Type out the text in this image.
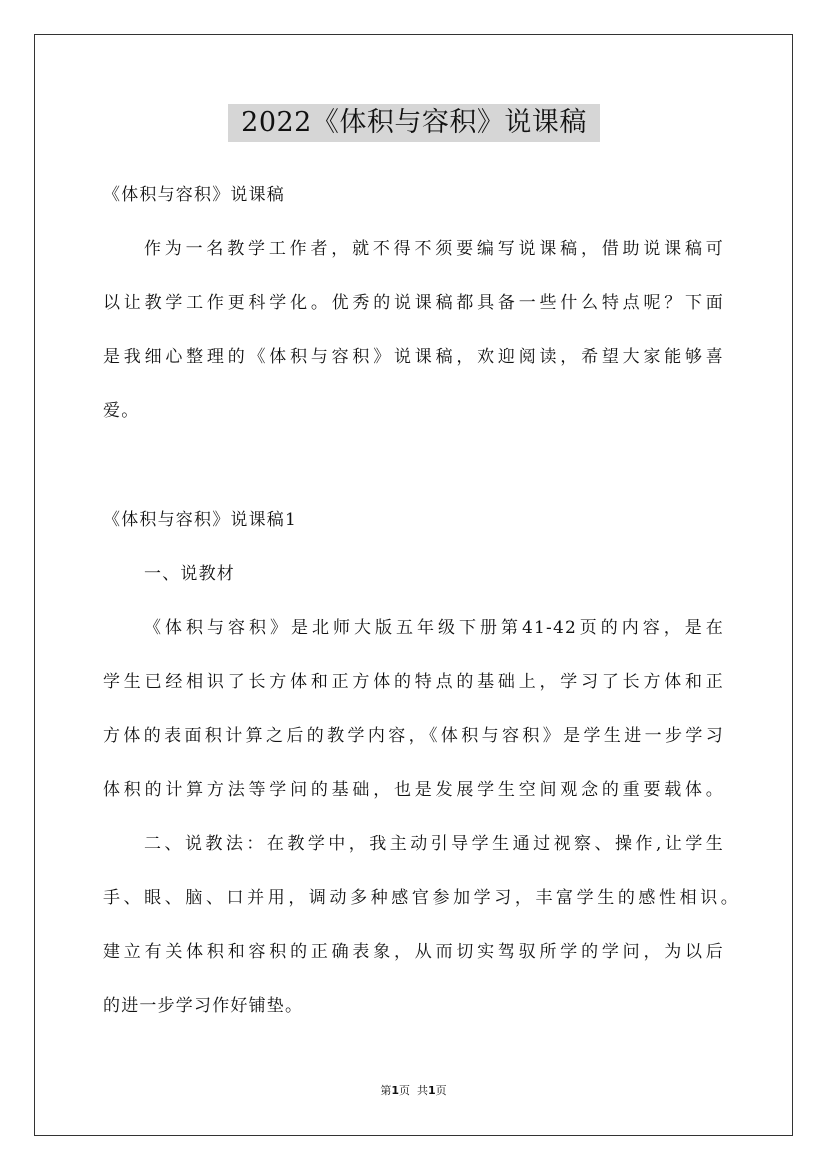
2022《体积与容积》说课稿
《体积与容积》说课稿
作为一名教学工作者，就不得不须要编写说课稿，借助说课稿可
以让教学工作更科学化。优秀的说课稿都具备一些什么特点呢？下面
是我细心整理的《体积与容积》说课稿，欢迎阅读，希望大家能够喜
爱。
《体积与容积》说课稿1
一、说教材
《体积与容积》是北师大版五年级下册第41-42页的内容，是在
学生已经相识了长方体和正方体的特点的基础上，学习了长方体和正
方体的表面积计算之后的教学内容，《体积与容积》是学生进一步学习
体积的计算方法等学问的基础，也是发展学生空间观念的重要载体。
二、说教法：在教学中，我主动引导学生通过视察、操作,让学生
手、眼、脑、口并用，调动多种感官参加学习，丰富学生的感性相识。
建立有关体积和容积的正确表象，从而切实驾驭所学的学问，为以后
的进一步学习作好铺垫。
第1页  共1页
